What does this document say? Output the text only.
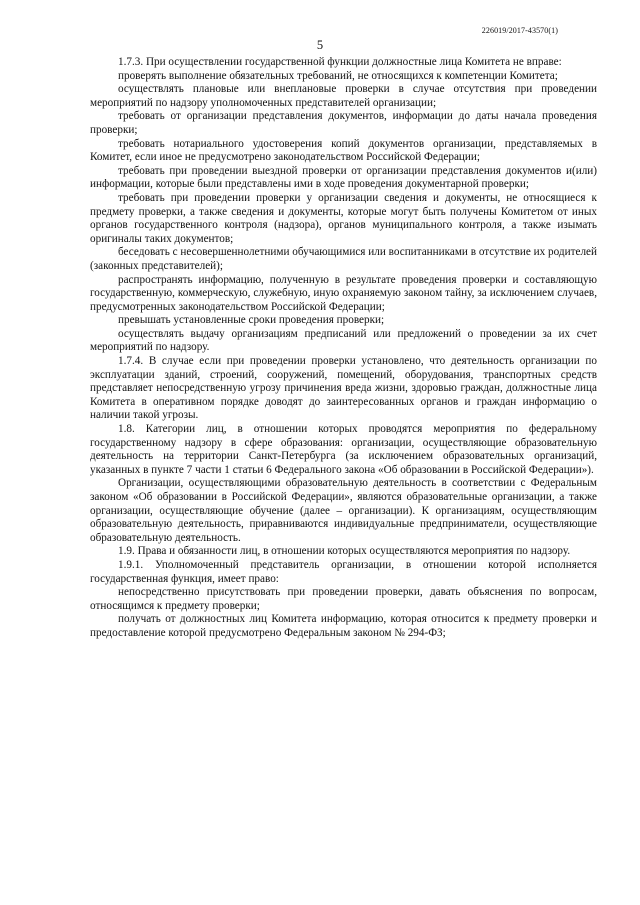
226019/2017-43570(1)
5

1.7.3. При осуществлении государственной функции должностные лица Комитета не вправе:

проверять выполнение обязательных требований, не относящихся к компетенции Комитета;

осуществлять плановые или внеплановые проверки в случае отсутствия при проведении мероприятий по надзору уполномоченных представителей организации;

требовать от организации представления документов, информации до даты начала проведения проверки;

требовать нотариального удостоверения копий документов организации, представляемых в Комитет, если иное не предусмотрено законодательством Российской Федерации;

требовать при проведении выездной проверки от организации представления документов и(или) информации, которые были представлены ими в ходе проведения документарной проверки;

требовать при проведении проверки у организации сведения и документы, не относящиеся к предмету проверки, а также сведения и документы, которые могут быть получены Комитетом от иных органов государственного контроля (надзора), органов муниципального контроля, а также изымать оригиналы таких документов;

беседовать с несовершеннолетними обучающимися или воспитанниками в отсутствие их родителей (законных представителей);

распространять информацию, полученную в результате проведения проверки и составляющую государственную, коммерческую, служебную, иную охраняемую законом тайну, за исключением случаев, предусмотренных законодательством Российской Федерации;

превышать установленные сроки проведения проверки;

осуществлять выдачу организациям предписаний или предложений о проведении за их счет мероприятий по надзору.

1.7.4. В случае если при проведении проверки установлено, что деятельность организации по эксплуатации зданий, строений, сооружений, помещений, оборудования, транспортных средств представляет непосредственную угрозу причинения вреда жизни, здоровью граждан, должностные лица Комитета в оперативном порядке доводят до заинтересованных органов и граждан информацию о наличии такой угрозы.

1.8. Категории лиц, в отношении которых проводятся мероприятия по федеральному государственному надзору в сфере образования: организации, осуществляющие образовательную деятельность на территории Санкт-Петербурга (за исключением образовательных организаций, указанных в пункте 7 части 1 статьи 6 Федерального закона «Об образовании в Российской Федерации»).

Организации, осуществляющими образовательную деятельность в соответствии с Федеральным законом «Об образовании в Российской Федерации», являются образовательные организации, а также организации, осуществляющие обучение (далее – организации). К организациям, осуществляющим образовательную деятельность, приравниваются индивидуальные предприниматели, осуществляющие образовательную деятельность.

1.9. Права и обязанности лиц, в отношении которых осуществляются мероприятия по надзору.

1.9.1. Уполномоченный представитель организации, в отношении которой исполняется государственная функция, имеет право:

непосредственно присутствовать при проведении проверки, давать объяснения по вопросам, относящимся к предмету проверки;

получать от должностных лиц Комитета информацию, которая относится к предмету проверки и предоставление которой предусмотрено Федеральным законом № 294-ФЗ;
